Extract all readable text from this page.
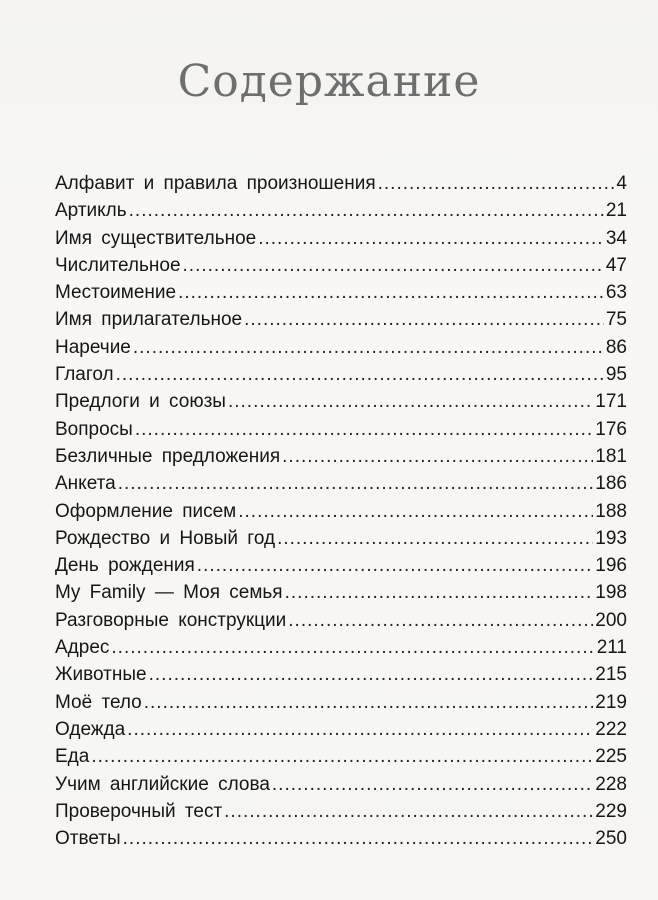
Содержание
Алфавит и правила произношения .....	4
Артикль .....	21
Имя существительное .....	34
Числительное .....	47
Местоимение .....	63
Имя прилагательное .....	75
Наречие .....	86
Глагол .....	95
Предлоги и союзы .....	171
Вопросы .....	176
Безличные предложения .....	181
Анкета .....	186
Оформление писем .....	188
Рождество и Новый год .....	193
День рождения .....	196
My Family — Моя семья .....	198
Разговорные конструкции .....	200
Адрес .....	211
Животные .....	215
Моё тело .....	219
Одежда .....	222
Еда .....	225
Учим английские слова .....	228
Проверочный тест .....	229
Ответы .....	250
